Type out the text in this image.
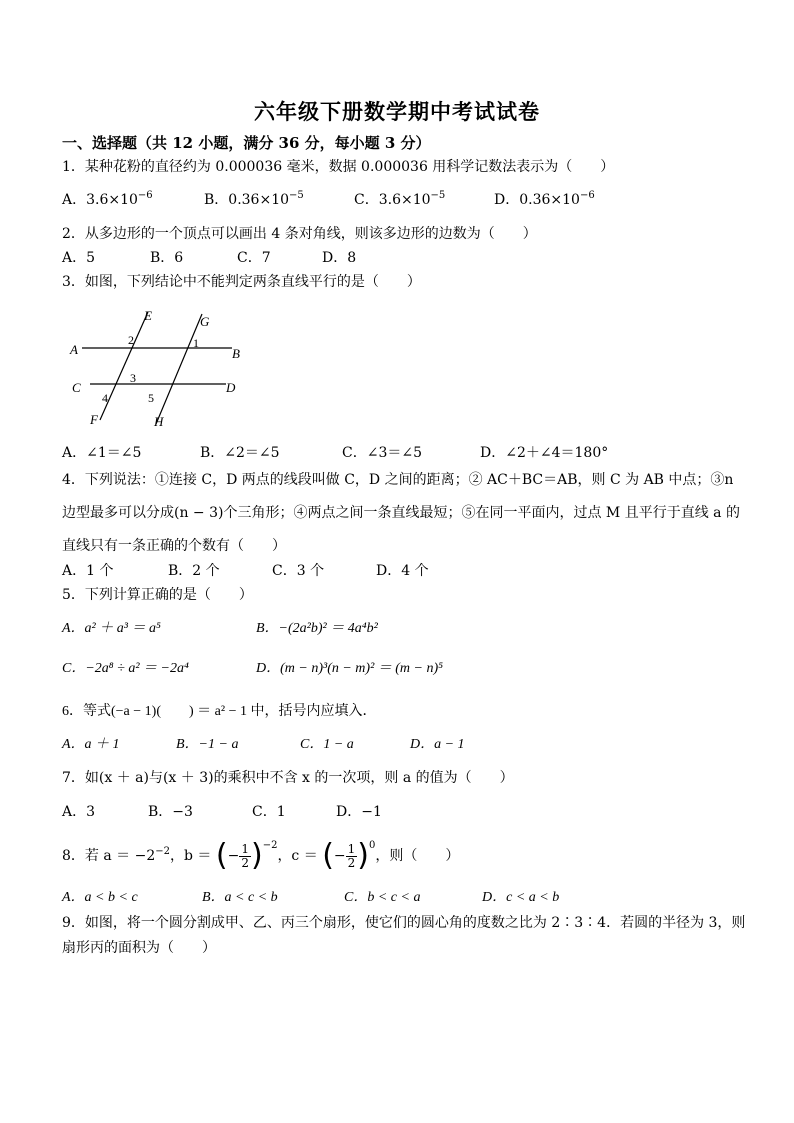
六年级下册数学期中考试试卷
一、选择题（共 12 小题，满分 36 分，每小题 3 分）
1．某种花粉的直径约为 0.000036 毫米，数据 0.000036 用科学记数法表示为（　　）
A．$3.6\times 10^{-6}$	B．$0.36\times 10^{-5}$	C．$3.6\times 10^{-5}$	D．$0.36\times 10^{-6}$
2．从多边形的一个顶点可以画出 4 条对角线，则该多边形的边数为（　　）
A．5	B．6	C．7	D．8
3．如图，下列结论中不能判定两条直线平行的是（　　）
E	G
A	B
C	D
F	H
1
2
3
4	5
A．∠1＝∠5	B．∠2＝∠5	C．∠3＝∠5	D．∠2＋∠4＝180°
4．下列说法：①连接 C，D 两点的线段叫做 C，D 之间的距离；② AC＋BC＝AB，则 C 为 AB 中点；③n
边型最多可以分成(n − 3)个三角形；④两点之间一条直线最短；⑤在同一平面内，过点 M 且平行于直线 a 的
直线只有一条正确的个数有（　　）
A．1 个	B．2 个	C．3 个	D．4 个
5．下列计算正确的是（　　）
A．a² ＋ a³ ＝ a⁵	B．−(2a²b)² ＝ 4a⁴b²
C．−2a⁸ ÷ a² ＝ −2a⁴	D．(m − n)³(n − m)² ＝ (m − n)⁵
6．等式(−a − 1)(　　) ＝ a² − 1 中，括号内应填入．
A．a ＋ 1	B．−1 − a	C．1 − a	D．a − 1
7．如(x ＋ a)与(x ＋ 3)的乘积中不含 x 的一次项，则 a 的值为（　　）
A．3	B．−3	C．1	D．−1
8．若 $a = -2^{-2}$，b ＝ (− $\frac{1}{2} )^{-2}$，c ＝ (− $\frac{1}{2} )^0$，则（　　）
A．a < b < c	B．a < c < b	C．b < c < a	D．c < a < b
9．如图，将一个圆分割成甲、乙、丙三个扇形，使它们的圆心角的度数之比为 2∶3∶4．若圆的半径为 3，则
扇形丙的面积为（　　）
